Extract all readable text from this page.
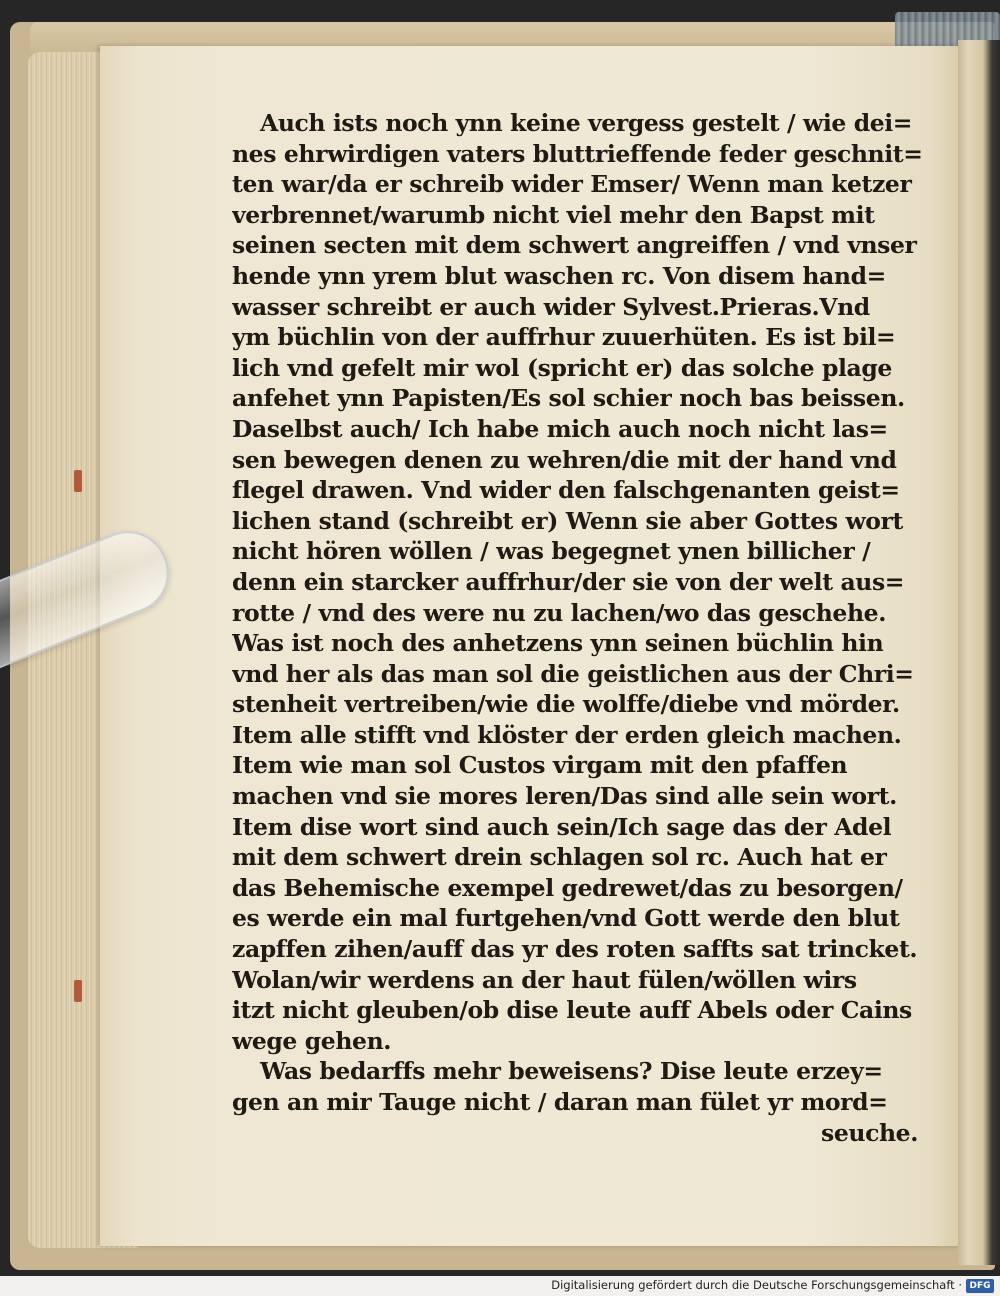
Auch ists noch ynn keine vergess gestelt / wie dei=
nes ehrwirdigen vaters bluttrieffende feder geschnit=
ten war/da er schreib wider Emser/ Wenn man ketzer
verbrennet/warumb nicht viel mehr den Bapst mit
seinen secten mit dem schwert angreiffen / vnd vnser
hende ynn yrem blut waschen rc. Von disem hand=
wasser schreibt er auch wider Sylvest.Prieras.Vnd
ym büchlin von der auffrhur zuuerhüten. Es ist bil=
lich vnd gefelt mir wol (spricht er) das solche plage
anfehet ynn Papisten/Es sol schier noch bas beissen.
Daselbst auch/ Ich habe mich auch noch nicht las=
sen bewegen denen zu wehren/die mit der hand vnd
flegel drawen. Vnd wider den falschgenanten geist=
lichen stand (schreibt er) Wenn sie aber Gottes wort
nicht hören wöllen / was begegnet ynen billicher /
denn ein starcker auffrhur/der sie von der welt aus=
rotte / vnd des were nu zu lachen/wo das geschehe.
Was ist noch des anhetzens ynn seinen büchlin hin
vnd her als das man sol die geistlichen aus der Chri=
stenheit vertreiben/wie die wolffe/diebe vnd mörder.
Item alle stifft vnd klöster der erden gleich machen.
Item wie man sol Custos virgam mit den pfaffen
machen vnd sie mores leren/Das sind alle sein wort.
Item dise wort sind auch sein/Ich sage das der Adel
mit dem schwert drein schlagen sol rc. Auch hat er
das Behemische exempel gedrewet/das zu besorgen/
es werde ein mal furtgehen/vnd Gott werde den blut
zapffen zihen/auff das yr des roten saffts sat trincket.
Wolan/wir werdens an der haut fülen/wöllen wirs
itzt nicht gleuben/ob dise leute auff Abels oder Cains
wege gehen.
Was bedarffs mehr beweisens? Dise leute erzey=
gen an mir Tauge nicht / daran man fület yr mord=
seuche.
Digitalisierung gefördert durch die Deutsche Forschungsgemeinschaft · DFG
